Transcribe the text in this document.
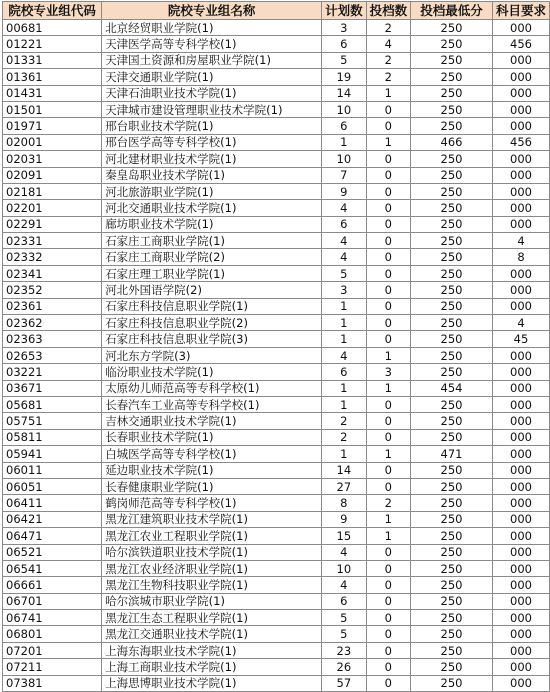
院校专业组代码	院校专业组名称	计划数	投档数	投档最低分	科目要求
00681	北京经贸职业学院(1)	3	2	250	000
01221	天津医学高等专科学校(1)	6	4	250	456
01331	天津国土资源和房屋职业学院(1)	5	2	250	000
01361	天津交通职业学院(1)	19	2	250	000
01431	天津石油职业技术学院(1)	14	1	250	000
01501	天津城市建设管理职业技术学院(1)	10	0	250	000
01971	邢台职业技术学院(1)	6	0	250	000
02001	邢台医学高等专科学校(1)	1	1	466	456
02031	河北建材职业技术学院(1)	10	0	250	000
02091	秦皇岛职业技术学院(1)	7	0	250	000
02181	河北旅游职业学院(1)	9	0	250	000
02201	河北交通职业技术学院(1)	4	0	250	000
02291	廊坊职业技术学院(1)	6	0	250	000
02331	石家庄工商职业学院(1)	4	0	250	4
02332	石家庄工商职业学院(2)	4	0	250	8
02341	石家庄理工职业学院(1)	5	0	250	000
02352	河北外国语学院(2)	3	0	250	000
02361	石家庄科技信息职业学院(1)	1	0	250	000
02362	石家庄科技信息职业学院(2)	1	0	250	4
02363	石家庄科技信息职业学院(3)	1	0	250	45
02653	河北东方学院(3)	4	1	250	000
03221	临汾职业技术学院(1)	6	3	250	000
03671	太原幼儿师范高等专科学校(1)	1	1	454	000
05681	长春汽车工业高等专科学校(1)	1	0	250	000
05751	吉林交通职业技术学院(1)	2	0	250	000
05811	长春职业技术学院(1)	2	0	250	000
05941	白城医学高等专科学校(1)	1	1	471	000
06011	延边职业技术学院(1)	14	0	250	000
06051	长春健康职业学院(1)	27	0	250	000
06411	鹤岗师范高等专科学校(1)	8	2	250	000
06421	黑龙江建筑职业技术学院(1)	9	1	250	000
06471	黑龙江农业工程职业学院(1)	15	1	250	000
06521	哈尔滨铁道职业技术学院(1)	4	0	250	000
06541	黑龙江农业经济职业学院(1)	10	0	250	000
06661	黑龙江生物科技职业学院(1)	4	0	250	000
06701	哈尔滨城市职业学院(1)	6	0	250	000
06741	黑龙江生态工程职业学院(1)	5	0	250	000
06801	黑龙江交通职业技术学院(1)	5	0	250	000
07201	上海东海职业技术学院(1)	23	0	250	000
07211	上海工商职业技术学院(1)	26	0	250	000
07381	上海思博职业技术学院(1)	57	0	250	000
